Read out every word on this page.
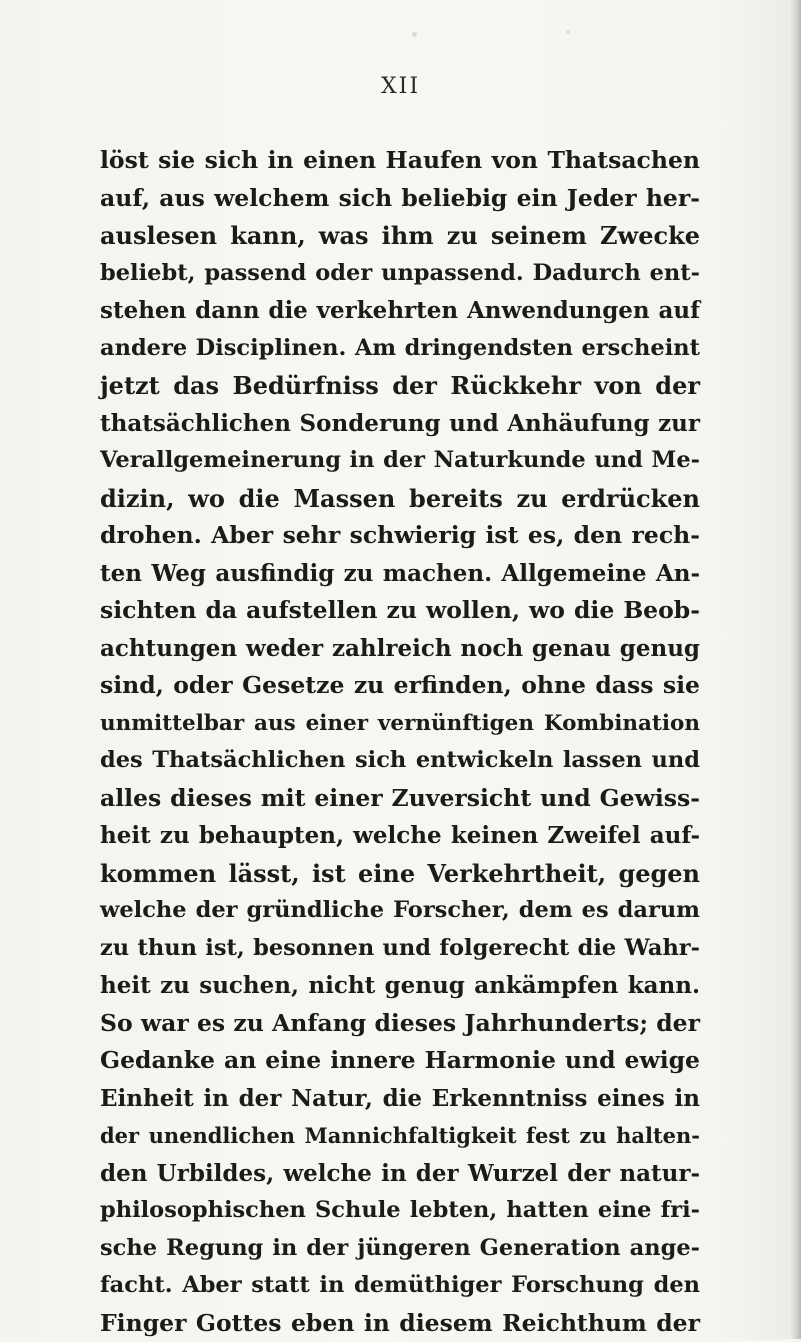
XII
löst sie sich in einen Haufen von Thatsachen
auf, aus welchem sich beliebig ein Jeder her-
auslesen kann, was ihm zu seinem Zwecke
beliebt, passend oder unpassend. Dadurch ent-
stehen dann die verkehrten Anwendungen auf
andere Disciplinen. Am dringendsten erscheint
jetzt das Bedürfniss der Rückkehr von der
thatsächlichen Sonderung und Anhäufung zur
Verallgemeinerung in der Naturkunde und Me-
dizin, wo die Massen bereits zu erdrücken
drohen. Aber sehr schwierig ist es, den rech-
ten Weg ausfindig zu machen. Allgemeine An-
sichten da aufstellen zu wollen, wo die Beob-
achtungen weder zahlreich noch genau genug
sind, oder Gesetze zu erfinden, ohne dass sie
unmittelbar aus einer vernünftigen Kombination
des Thatsächlichen sich entwickeln lassen und
alles dieses mit einer Zuversicht und Gewiss-
heit zu behaupten, welche keinen Zweifel auf-
kommen lässt, ist eine Verkehrtheit, gegen
welche der gründliche Forscher, dem es darum
zu thun ist, besonnen und folgerecht die Wahr-
heit zu suchen, nicht genug ankämpfen kann.
So war es zu Anfang dieses Jahrhunderts; der
Gedanke an eine innere Harmonie und ewige
Einheit in der Natur, die Erkenntniss eines in
der unendlichen Mannichfaltigkeit fest zu halten-
den Urbildes, welche in der Wurzel der natur-
philosophischen Schule lebten, hatten eine fri-
sche Regung in der jüngeren Generation ange-
facht. Aber statt in demüthiger Forschung den
Finger Gottes eben in diesem Reichthum der
